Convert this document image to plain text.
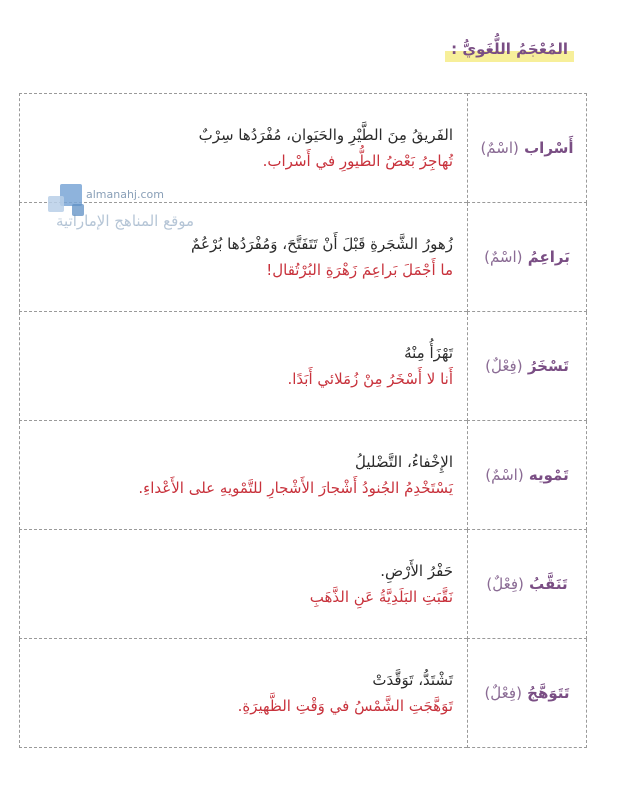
المُعْجَمُ اللُّغَويُّ :
أَسْراب (اسْمٌ)	الفَريقُ مِنَ الطَّيْرِ والحَيَوان، مُفْرَدُها سِرْبٌ
تُهاجِرُ بَعْضُ الطُّيورِ في أَسْراب.

بَراعِمُ (اسْمٌ)	زُهورُ الشَّجَرةِ قَبْلَ أَنْ تَتَفَتَّحَ، وَمُفْرَدُها بُرْعُمٌ
ما أَجْمَلَ بَراعِمَ زَهْرَةِ البُرْتُقال!

تَسْخَرُ (فِعْلٌ)	تَهْزَأُ مِنْهُ
أَنا لا أَسْخَرُ مِنْ زُمَلائي أَبَدًا.

تَمْويه (اسْمٌ)	الإِخْفاءُ، التَّضْليلُ
يَسْتَخْدِمُ الجُنودُ أَشْجارَ الأَشْجارِ للتَّمْويهِ على الأَعْداءِ.

تَنَقَّبُ (فِعْلٌ)	حَفْرُ الأَرْضِ.
نَقَّبَتِ البَلَدِيَّةُ عَنِ الذَّهَبِ

تَتَوَهَّجُ (فِعْلٌ)	تَشْتَدُّ، تَوَقَّدَتْ
تَوَهَّجَتِ الشَّمْسُ في وَقْتِ الظَّهيرَةِ.
almanahj.com
موقع المناهج الإماراتية
